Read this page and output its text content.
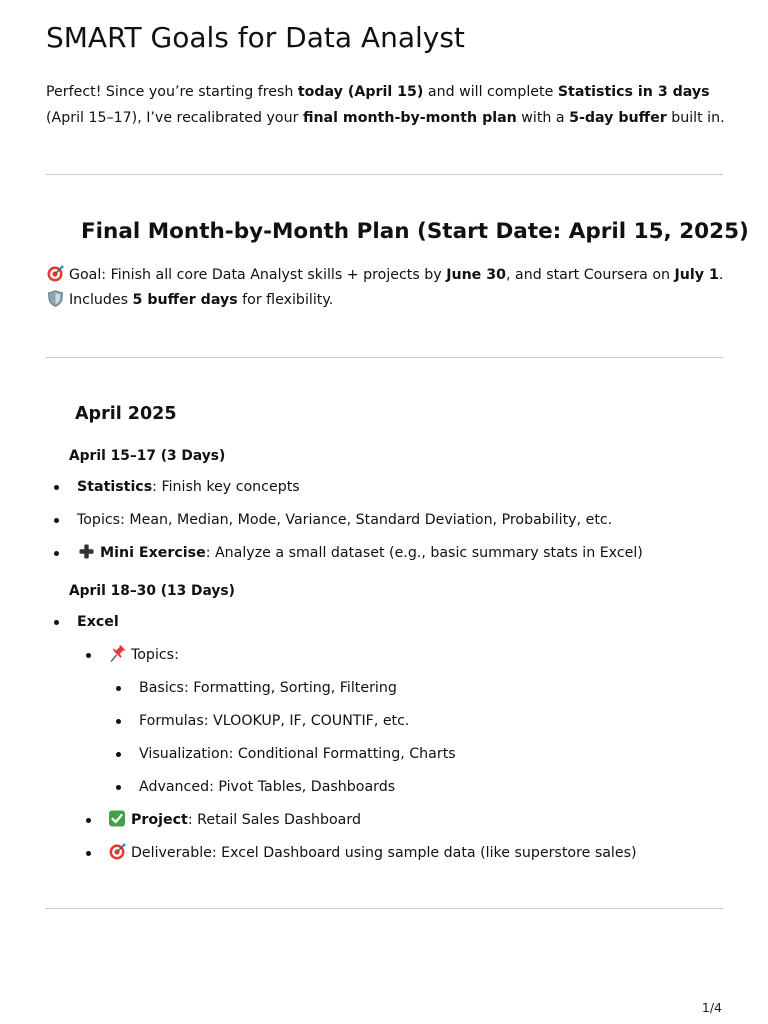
SMART Goals for Data Analyst

Perfect! Since you’re starting fresh today (April 15) and will complete Statistics in 3 days (April 15–17), I’ve recalibrated your final month-by-month plan with a 5-day buffer built in.

Final Month-by-Month Plan (Start Date: April 15, 2025)
Goal: Finish all core Data Analyst skills + projects by June 30, and start Coursera on July 1.
Includes 5 buffer days for flexibility.
April 2025
April 15–17 (3 Days)
Statistics: Finish key concepts
Topics: Mean, Median, Mode, Variance, Standard Deviation, Probability, etc.
Mini Exercise: Analyze a small dataset (e.g., basic summary stats in Excel)
April 18–30 (13 Days)
Excel
Topics:
Basics: Formatting, Sorting, Filtering
Formulas: VLOOKUP, IF, COUNTIF, etc.
Visualization: Conditional Formatting, Charts
Advanced: Pivot Tables, Dashboards
Project: Retail Sales Dashboard
Deliverable: Excel Dashboard using sample data (like superstore sales)
1/4
